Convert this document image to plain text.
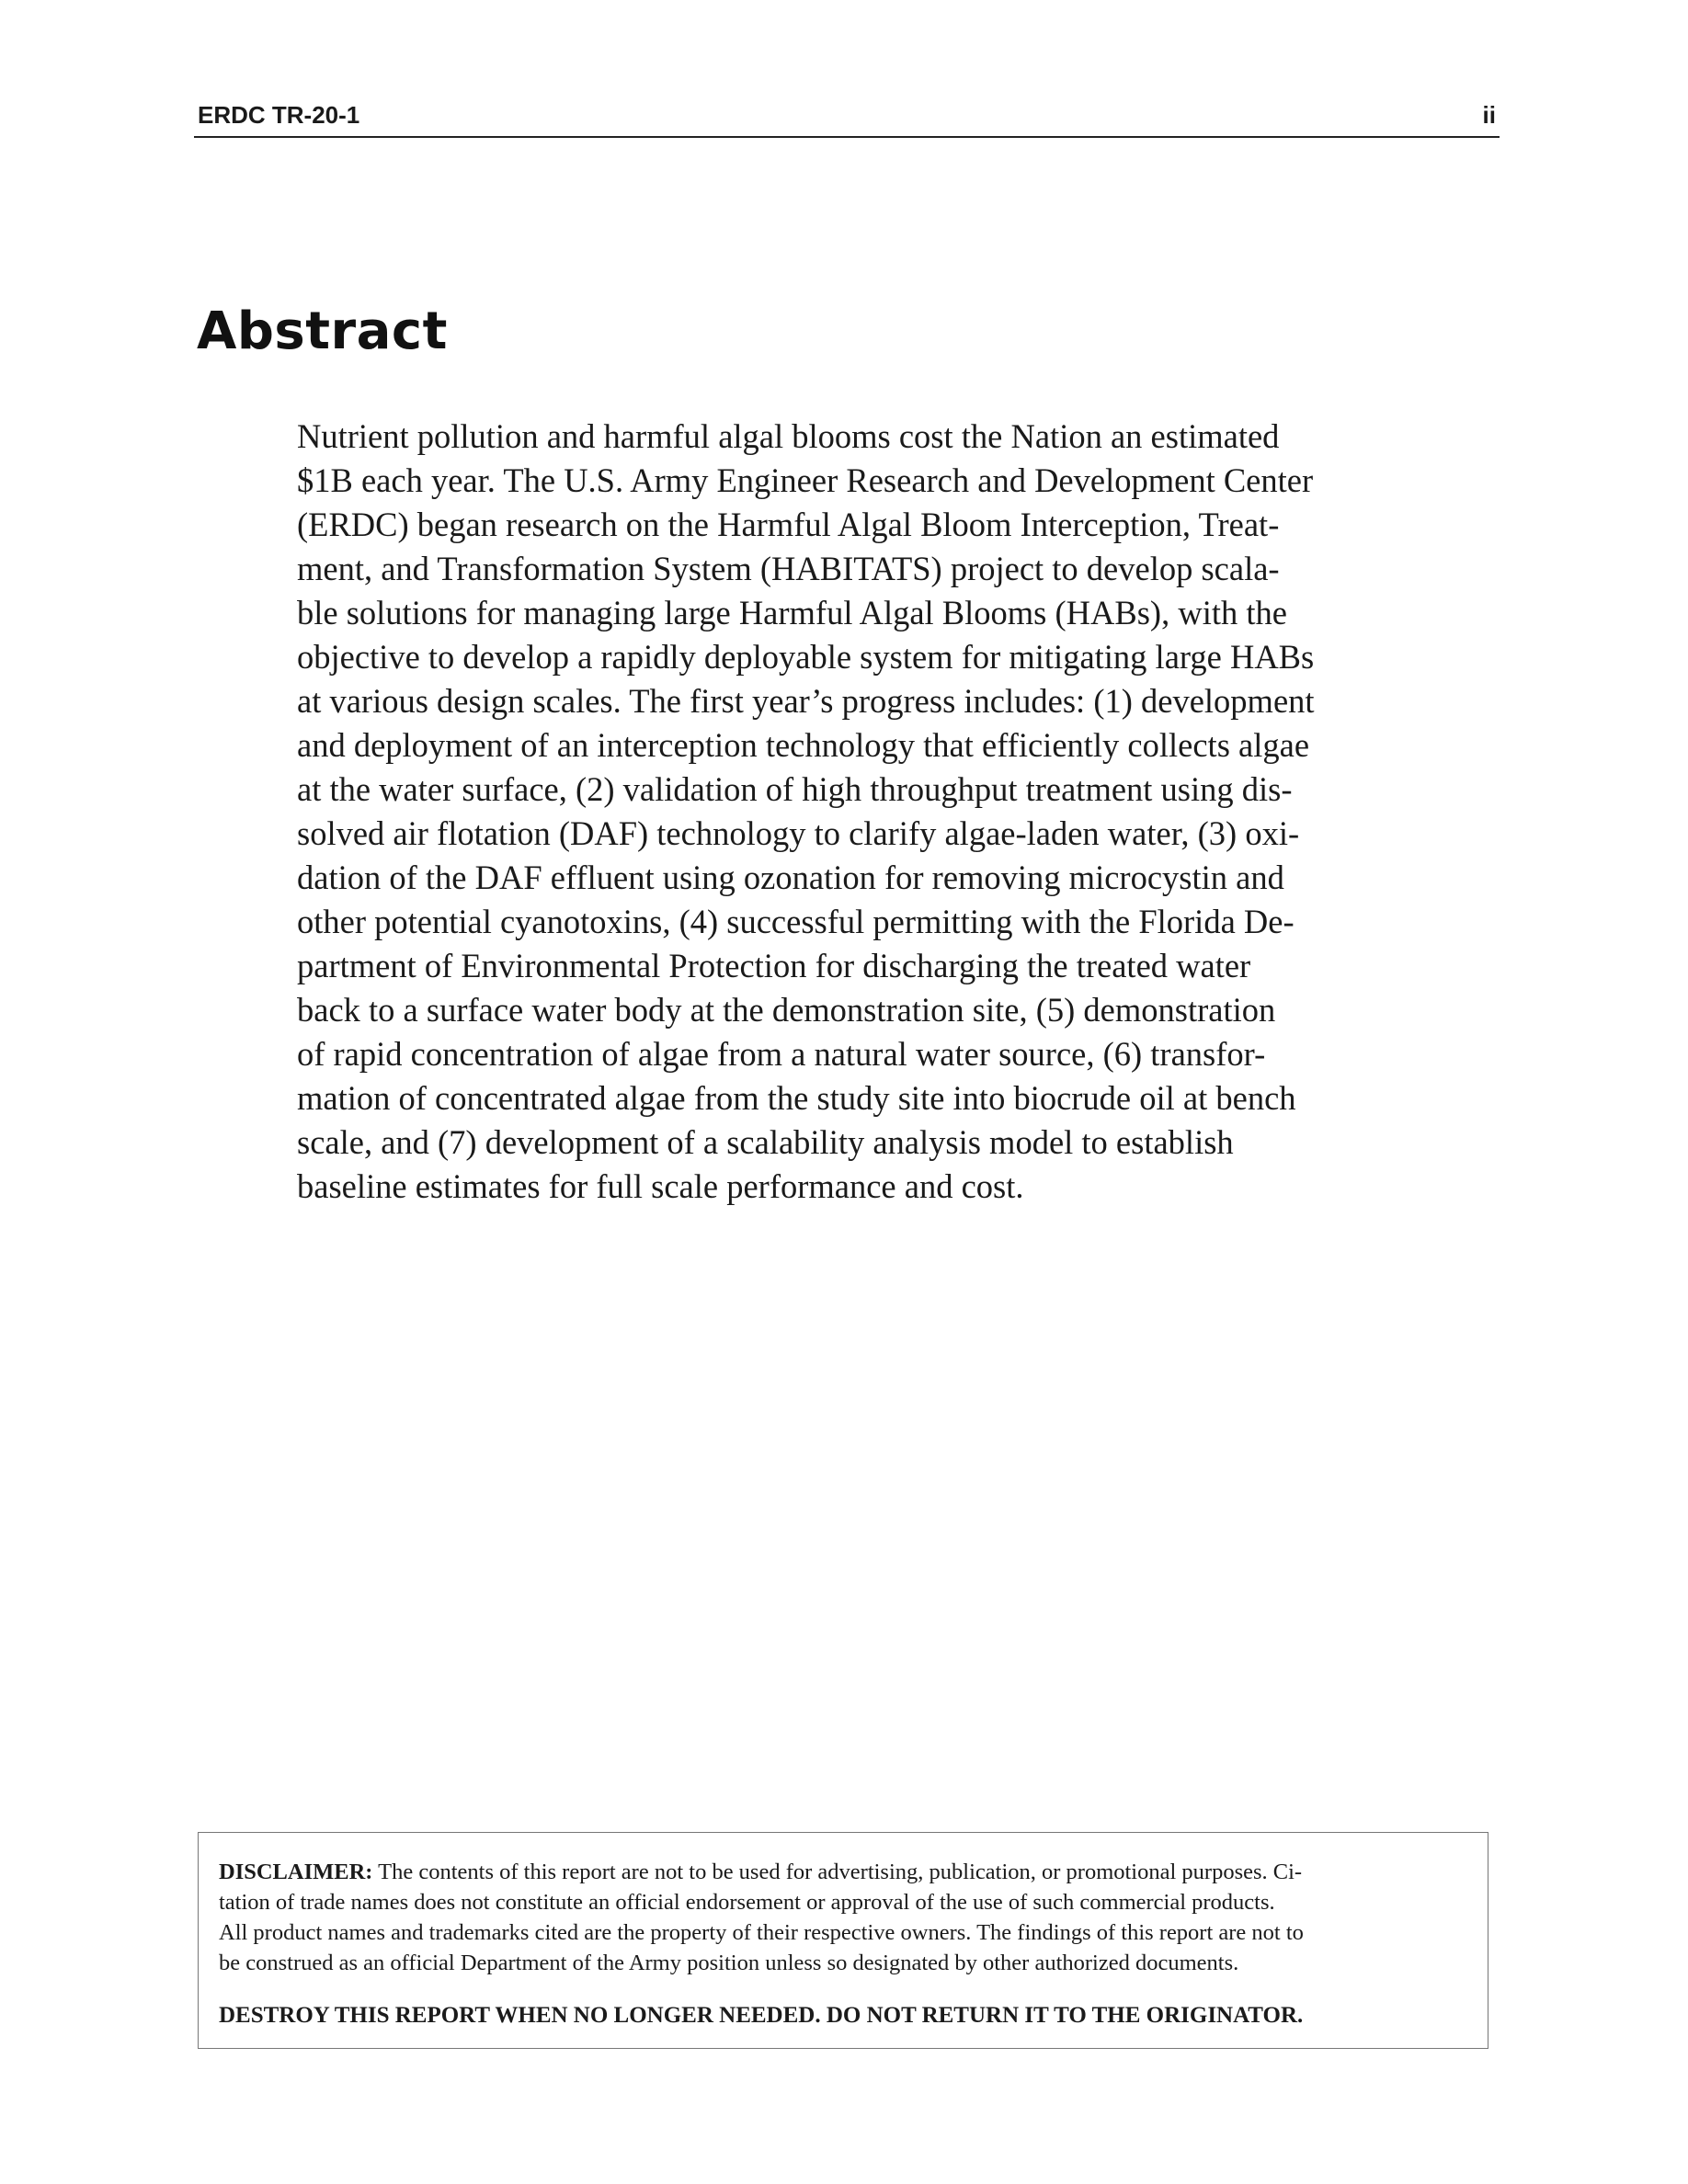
ERDC TR-20-1	ii
Abstract

Nutrient pollution and harmful algal blooms cost the Nation an estimated
$1B each year. The U.S. Army Engineer Research and Development Center
(ERDC) began research on the Harmful Algal Bloom Interception, Treat-
ment, and Transformation System (HABITATS) project to develop scala-
ble solutions for managing large Harmful Algal Blooms (HABs), with the
objective to develop a rapidly deployable system for mitigating large HABs
at various design scales. The first year’s progress includes: (1) development
and deployment of an interception technology that efficiently collects algae
at the water surface, (2) validation of high throughput treatment using dis-
solved air flotation (DAF) technology to clarify algae-laden water, (3) oxi-
dation of the DAF effluent using ozonation for removing microcystin and
other potential cyanotoxins, (4) successful permitting with the Florida De-
partment of Environmental Protection for discharging the treated water
back to a surface water body at the demonstration site, (5) demonstration
of rapid concentration of algae from a natural water source, (6) transfor-
mation of concentrated algae from the study site into biocrude oil at bench
scale, and (7) development of a scalability analysis model to establish
baseline estimates for full scale performance and cost.

DISCLAIMER: The contents of this report are not to be used for advertising, publication, or promotional purposes. Ci-
tation of trade names does not constitute an official endorsement or approval of the use of such commercial products.
All product names and trademarks cited are the property of their respective owners. The findings of this report are not to
be construed as an official Department of the Army position unless so designated by other authorized documents.

DESTROY THIS REPORT WHEN NO LONGER NEEDED. DO NOT RETURN IT TO THE ORIGINATOR.
